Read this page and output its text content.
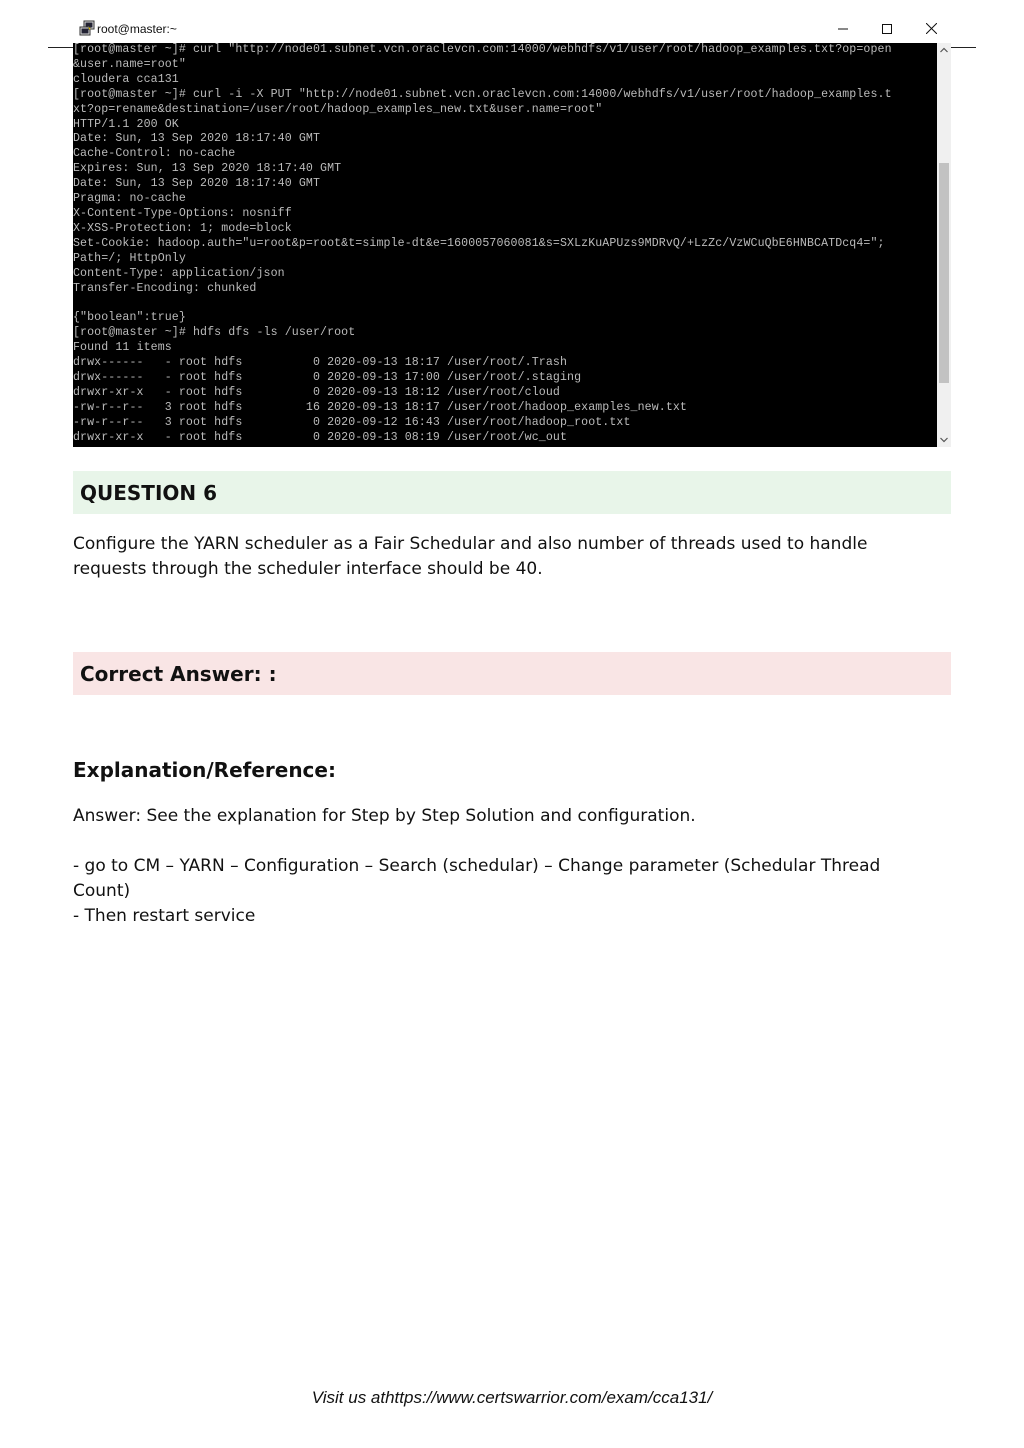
root@master:~
[root@master ~]# curl "http://node01.subnet.vcn.oraclevcn.com:14000/webhdfs/v1/user/root/hadoop_examples.txt?op=open
&user.name=root"
cloudera cca131
[root@master ~]# curl -i -X PUT "http://node01.subnet.vcn.oraclevcn.com:14000/webhdfs/v1/user/root/hadoop_examples.t
xt?op=rename&destination=/user/root/hadoop_examples_new.txt&user.name=root"
HTTP/1.1 200 OK
Date: Sun, 13 Sep 2020 18:17:40 GMT
Cache-Control: no-cache
Expires: Sun, 13 Sep 2020 18:17:40 GMT
Date: Sun, 13 Sep 2020 18:17:40 GMT
Pragma: no-cache
X-Content-Type-Options: nosniff
X-XSS-Protection: 1; mode=block
Set-Cookie: hadoop.auth="u=root&p=root&t=simple-dt&e=1600057060081&s=SXLzKuAPUzs9MDRvQ/+LzZc/VzWCuQbE6HNBCATDcq4=";
Path=/; HttpOnly
Content-Type: application/json
Transfer-Encoding: chunked
{"boolean":true}
[root@master ~]# hdfs dfs -ls /user/root
Found 11 items
drwx------   - root hdfs          0 2020-09-13 18:17 /user/root/.Trash
drwx------   - root hdfs          0 2020-09-13 17:00 /user/root/.staging
drwxr-xr-x   - root hdfs          0 2020-09-13 18:12 /user/root/cloud
-rw-r--r--   3 root hdfs         16 2020-09-13 18:17 /user/root/hadoop_examples_new.txt
-rw-r--r--   3 root hdfs          0 2020-09-12 16:43 /user/root/hadoop_root.txt
drwxr-xr-x   - root hdfs          0 2020-09-13 08:19 /user/root/wc_out
QUESTION 6
Configure the YARN scheduler as a Fair Schedular and also number of threads used to handle requests through the scheduler interface should be 40.
Correct Answer: :
Explanation/Reference:

Answer: See the explanation for Step by Step Solution and configuration.

- go to CM – YARN – Configuration – Search (schedular) – Change parameter (Schedular Thread Count)

- Then restart service

Visit us athttps://www.certswarrior.com/exam/cca131/
